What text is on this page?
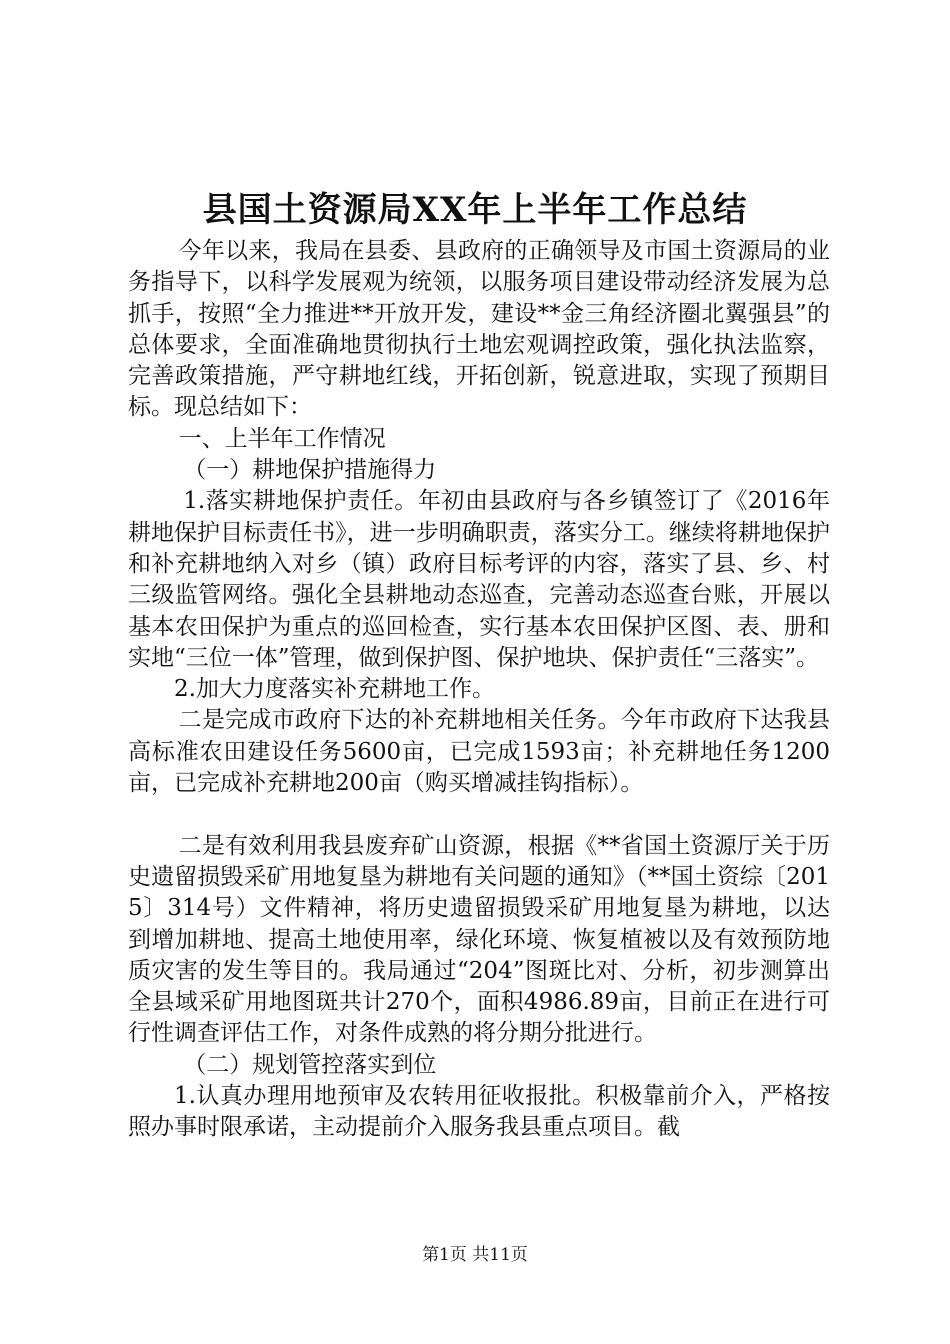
县国土资源局XX年上半年工作总结

今年以来，我局在县委、县政府的正确领导及市国土资源局的业务指导下，以科学发展观为统领，以服务项目建设带动经济发展为总抓手，按照“全力推进**开放开发，建设**金三角经济圈北翼强县”的总体要求，全面准确地贯彻执行土地宏观调控政策，强化执法监察，完善政策措施，严守耕地红线，开拓创新，锐意进取，实现了预期目标。现总结如下：

一、上半年工作情况

（一）耕地保护措施得力

1.落实耕地保护责任。年初由县政府与各乡镇签订了《2016年耕地保护目标责任书》，进一步明确职责，落实分工。继续将耕地保护和补充耕地纳入对乡（镇）政府目标考评的内容，落实了县、乡、村三级监管网络。强化全县耕地动态巡查，完善动态巡查台账，开展以基本农田保护为重点的巡回检查，实行基本农田保护区图、表、册和实地“三位一体”管理，做到保护图、保护地块、保护责任“三落实”。

2.加大力度落实补充耕地工作。

二是完成市政府下达的补充耕地相关任务。今年市政府下达我县高标准农田建设任务5600亩，已完成1593亩；补充耕地任务1200亩，已完成补充耕地200亩（购买增减挂钩指标）。

二是有效利用我县废弃矿山资源，根据《**省国土资源厅关于历史遗留损毁采矿用地复垦为耕地有关问题的通知》（**国土资综〔2015〕314号）文件精神，将历史遗留损毁采矿用地复垦为耕地，以达到增加耕地、提高土地使用率，绿化环境、恢复植被以及有效预防地质灾害的发生等目的。我局通过“204”图斑比对、分析，初步测算出全县域采矿用地图斑共计270个，面积4986.89亩，目前正在进行可行性调查评估工作，对条件成熟的将分期分批进行。

（二）规划管控落实到位

1.认真办理用地预审及农转用征收报批。积极靠前介入，严格按照办事时限承诺，主动提前介入服务我县重点项目。截

第1页 共11页
